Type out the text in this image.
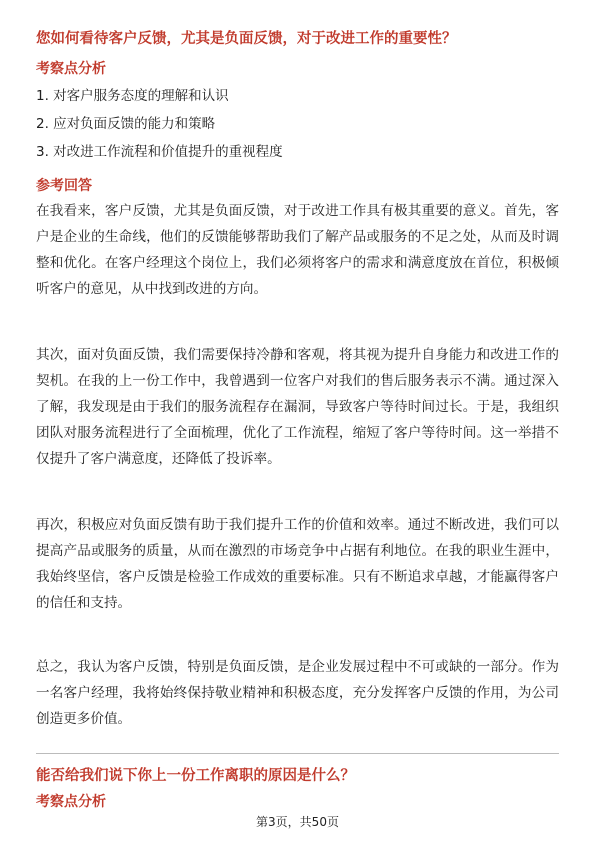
您如何看待客户反馈，尤其是负面反馈，对于改进工作的重要性？
考察点分析
1. 对客户服务态度的理解和认识
2. 应对负面反馈的能力和策略
3. 对改进工作流程和价值提升的重视程度
参考回答

在我看来，客户反馈，尤其是负面反馈，对于改进工作具有极其重要的意义。首先，客户是企业的生命线，他们的反馈能够帮助我们了解产品或服务的不足之处，从而及时调整和优化。在客户经理这个岗位上，我们必须将客户的需求和满意度放在首位，积极倾听客户的意见，从中找到改进的方向。

其次，面对负面反馈，我们需要保持冷静和客观，将其视为提升自身能力和改进工作的契机。在我的上一份工作中，我曾遇到一位客户对我们的售后服务表示不满。通过深入了解，我发现是由于我们的服务流程存在漏洞，导致客户等待时间过长。于是，我组织团队对服务流程进行了全面梳理，优化了工作流程，缩短了客户等待时间。这一举措不仅提升了客户满意度，还降低了投诉率。

再次，积极应对负面反馈有助于我们提升工作的价值和效率。通过不断改进，我们可以提高产品或服务的质量，从而在激烈的市场竞争中占据有利地位。在我的职业生涯中，我始终坚信，客户反馈是检验工作成效的重要标准。只有不断追求卓越，才能赢得客户的信任和支持。

总之，我认为客户反馈，特别是负面反馈，是企业发展过程中不可或缺的一部分。作为一名客户经理，我将始终保持敬业精神和积极态度，充分发挥客户反馈的作用，为公司创造更多价值。

能否给我们说下你上一份工作离职的原因是什么？
考察点分析
第3页，共50页
